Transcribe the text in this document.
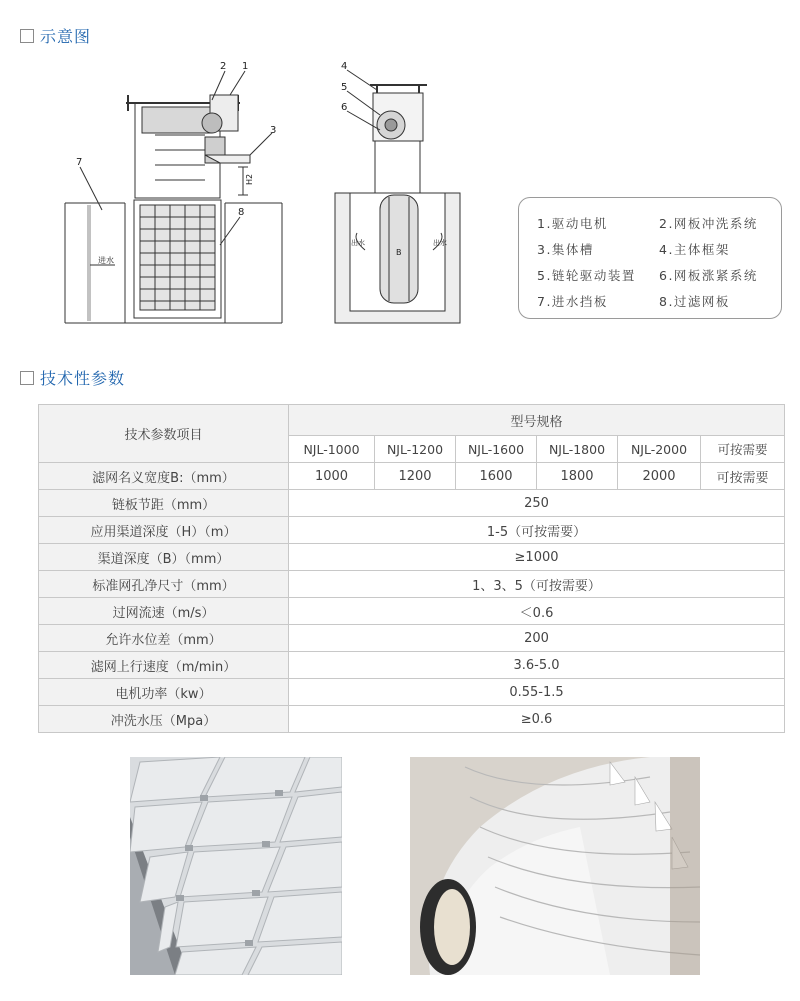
示意图
1
2
3
7
8
H2
进水
4
5
6
B
出水	出水
1.驱动电机	2.网板冲洗系统
3.集体槽	4.主体框架
5.链轮驱动装置	6.网板涨紧系统
7.进水挡板	8.过滤网板
技术性参数
技术参数项目	型号规格					
	NJL-1000	NJL-1200	NJL-1600	NJL-1800	NJL-2000	可按需要
滤网名义宽度B:（mm）	1000	1200	1600	1800	2000	可按需要
链板节距（mm）	250					
应用渠道深度（H）（m）	1-5（可按需要）					
渠道深度（B）（mm）	≥1000					
标准网孔净尺寸（mm）	1、3、5（可按需要）					
过网流速（m/s）	＜0.6					
允许水位差（mm）	200					
滤网上行速度（m/min）	3.6-5.0					
电机功率（kw）	0.55-1.5					
冲洗水压（Mpa）	≥0.6					
